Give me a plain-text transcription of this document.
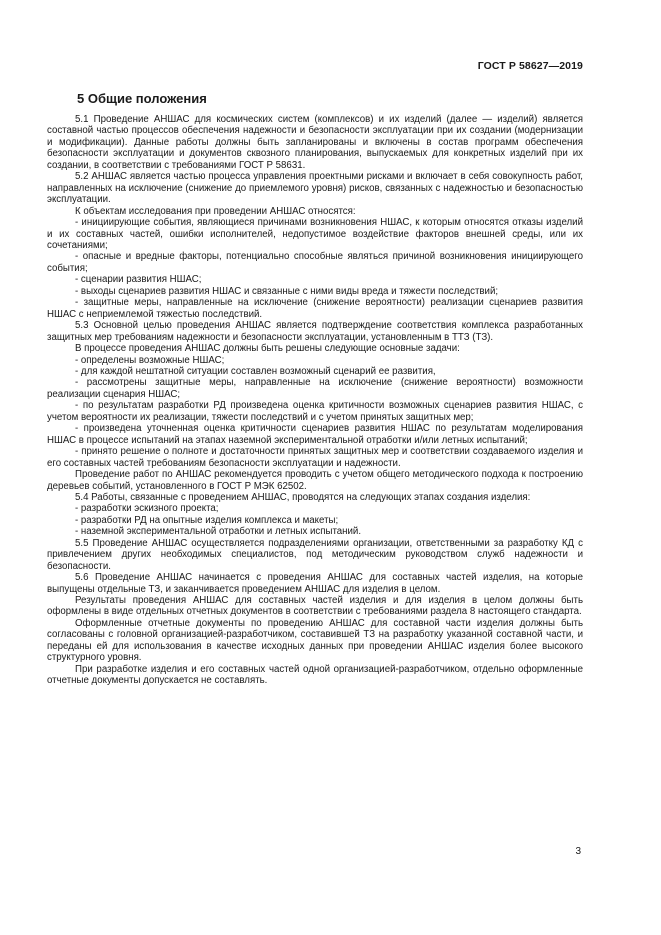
ГОСТ Р 58627—2019
5 Общие положения

5.1 Проведение АНШАС для космических систем (комплексов) и их изделий (далее — изделий) является составной частью процессов обеспечения надежности и безопасности эксплуатации при их создании (модернизации и модификации). Данные работы должны быть запланированы и включены в состав программ обеспечения безопасности эксплуатации и документов сквозного планирования, выпускаемых для конкретных изделий при их создании, в соответствии с требованиями ГОСТ Р 58631.

5.2 АНШАС является частью процесса управления проектными рисками и включает в себя совокупность работ, направленных на исключение (снижение до приемлемого уровня) рисков, связанных с надежностью и безопасностью эксплуатации.

К объектам исследования при проведении АНШАС относятся:

- инициирующие события, являющиеся причинами возникновения НШАС, к которым относятся отказы изделий и их составных частей, ошибки исполнителей, недопустимое воздействие факторов внешней среды, или их сочетаниями;

- опасные и вредные факторы, потенциально способные являться причиной возникновения инициирующего события;

- сценарии развития НШАС;

- выходы сценариев развития НШАС и связанные с ними виды вреда и тяжести последствий;

- защитные меры, направленные на исключение (снижение вероятности) реализации сценариев развития НШАС с неприемлемой тяжестью последствий.

5.3 Основной целью проведения АНШАС является подтверждение соответствия комплекса разработанных защитных мер требованиям надежности и безопасности эксплуатации, установленным в ТТЗ (ТЗ).

В процессе проведения АНШАС должны быть решены следующие основные задачи:

- определены возможные НШАС;

- для каждой нештатной ситуации составлен возможный сценарий ее развития,

- рассмотрены защитные меры, направленные на исключение (снижение вероятности) возможности реализации сценария НШАС;

- по результатам разработки РД произведена оценка критичности возможных сценариев развития НШАС, с учетом вероятности их реализации, тяжести последствий и с учетом принятых защитных мер;

- произведена уточненная оценка критичности сценариев развития НШАС по результатам моделирования НШАС в процессе испытаний на этапах наземной экспериментальной отработки и/или летных испытаний;

- принято решение о полноте и достаточности принятых защитных мер и соответствии создаваемого изделия и его составных частей требованиям безопасности эксплуатации и надежности.

Проведение работ по АНШАС рекомендуется проводить с учетом общего методического подхода к построению деревьев событий, установленного в ГОСТ Р МЭК 62502.

5.4 Работы, связанные с проведением АНШАС, проводятся на следующих этапах создания изделия:

- разработки эскизного проекта;

- разработки РД на опытные изделия комплекса и макеты;

- наземной экспериментальной отработки и летных испытаний.

5.5 Проведение АНШАС осуществляется подразделениями организации, ответственными за разработку КД с привлечением других необходимых специалистов, под методическим руководством служб надежности и безопасности.

5.6 Проведение АНШАС начинается с проведения АНШАС для составных частей изделия, на которые выпущены отдельные ТЗ, и заканчивается проведением АНШАС для изделия в целом.

Результаты проведения АНШАС для составных частей изделия и для изделия в целом должны быть оформлены в виде отдельных отчетных документов в соответствии с требованиями раздела 8 настоящего стандарта.

Оформленные отчетные документы по проведению АНШАС для составной части изделия должны быть согласованы с головной организацией-разработчиком, составившей ТЗ на разработку указанной составной части, и переданы ей для использования в качестве исходных данных при проведении АНШАС изделия более высокого структурного уровня.

При разработке изделия и его составных частей одной организацией-разработчиком, отдельно оформленные отчетные документы допускается не составлять.

3
